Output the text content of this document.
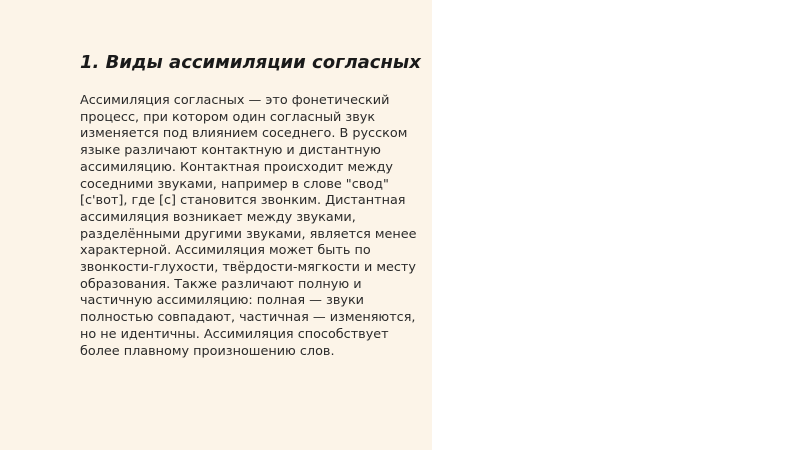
1. Виды ассимиляции согласных

Ассимиляция согласных — это фонетический
процесс, при котором один согласный звук
изменяется под влиянием соседнего. В русском
языке различают контактную и дистантную
ассимиляцию. Контактная происходит между
соседними звуками, например в слове "свод"
[с'вот], где [с] становится звонким. Дистантная
ассимиляция возникает между звуками,
разделёнными другими звуками, является менее
характерной. Ассимиляция может быть по
звонкости-глухости, твёрдости-мягкости и месту
образования. Также различают полную и
частичную ассимиляцию: полная — звуки
полностью совпадают, частичная — изменяются,
но не идентичны. Ассимиляция способствует
более плавному произношению слов.
